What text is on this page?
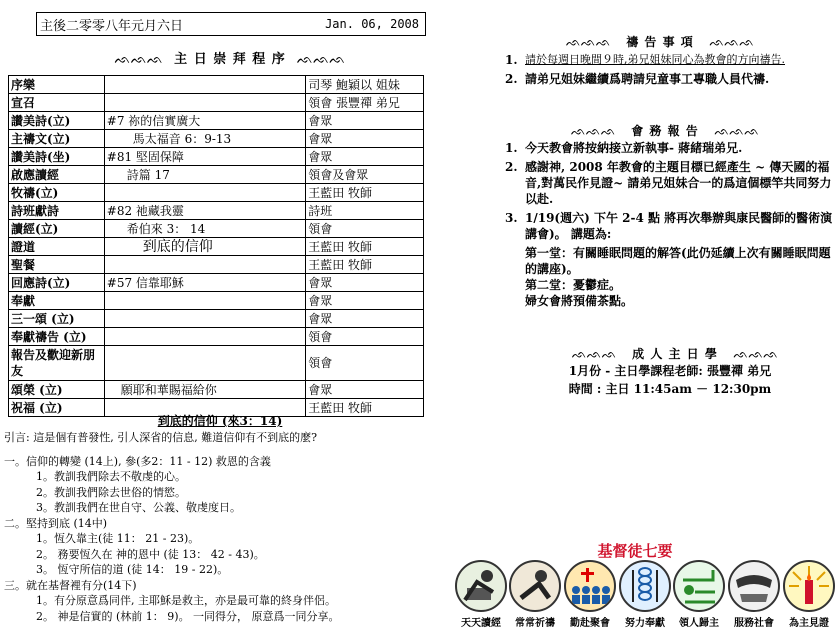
主後二零零八年元月六日	Jan. 06, 2008
ᨒᨒᨒ 主 日 崇 拜 程 序 ᨒᨒᨒ
序樂		司琴 鮑穎以 姐妹
宣召		領會 張豐禪 弟兄
讚美詩(立)	#7 祢的信實廣大	會眾
主禱文(立)	馬太福音 6：9-13	會眾
讚美詩(坐)	#81 堅固保障	會眾
啟應讀經	詩篇 17	領會及會眾
牧禱(立)		王藍田 牧師
詩班獻詩	#82 祂藏我靈	詩班
讀經(立)	希伯來 3： 14	領會
證道	到底的信仰	王藍田 牧師
聖餐		王藍田 牧師
回應詩(立)	#57 信靠耶穌	會眾
奉獻		會眾
三一頌 (立)		會眾
奉獻禱告 (立)		領會
報告及歡迎新朋友		領會
頌榮 (立)	願耶和華賜福給你	會眾
祝福 (立)		王藍田 牧師
到底的信仰 (來3：14)
引言: 這是個有普發性, 引人深省的信息, 難道信仰有不到底的麼?
一。信仰的轉變 (14上), 參(多2：11 - 12) 救恩的含義
1。教訓我們除去不敬虔的心。
2。教訓我們除去世俗的情慾。
3。教訓我們在世自守、公義、敬虔度日。
二。堅持到底 (14中)
1。恆久靠主(徒 11： 21 - 23)。
2。 務要恆久在 神的恩中 (徒 13： 42 - 43)。
3。 恆守所信的道 (徒 14： 19 - 22)。
三。就在基督裡有分(14下)
1。有分原意爲同伴, 主耶穌是救主，亦是最可靠的終身伴侶。
2。 神是信實的 (林前 1： 9)。 一同得分， 原意爲一同分享。
ᨒᨒᨒ 禱 告 事 項 ᨒᨒᨒ
1. 請於每週日晚間９時,弟兄姐妹同心為教會的方向禱告.
2. 請弟兄姐妹繼續爲聘請兒童事工專職人員代禱.
ᨒᨒᨒ 會 務 報 告 ᨒᨒᨒ
1. 今天教會將按納接立新執事- 蔣緒瑞弟兄.
2. 感謝神, 2008 年教會的主題目標已經產生 ~ 傳天國的福音,對萬民作見證~ 請弟兄姐妹合一的爲這個標竿共同努力以赴.
3. 1/19(週六) 下午 2-4 點 將再次舉辦與康民醫師的醫術演講會)。 講題為:
第一堂：有關睡眠問題的解答(此仍延續上次有關睡眠問題的講座)。
第二堂：憂鬱症。
婦女會將預備茶點。
ᨒᨒᨒ 成 人 主 日 學 ᨒᨒᨒ
1月份 - 主日學課程老師: 張豐禪 弟兄
時間 : 主日 11:45am － 12:30pm
基督徒七要
天天讀經	常常祈禱	勤赴聚會	努力奉獻	領人歸主	服務社會	為主見證
